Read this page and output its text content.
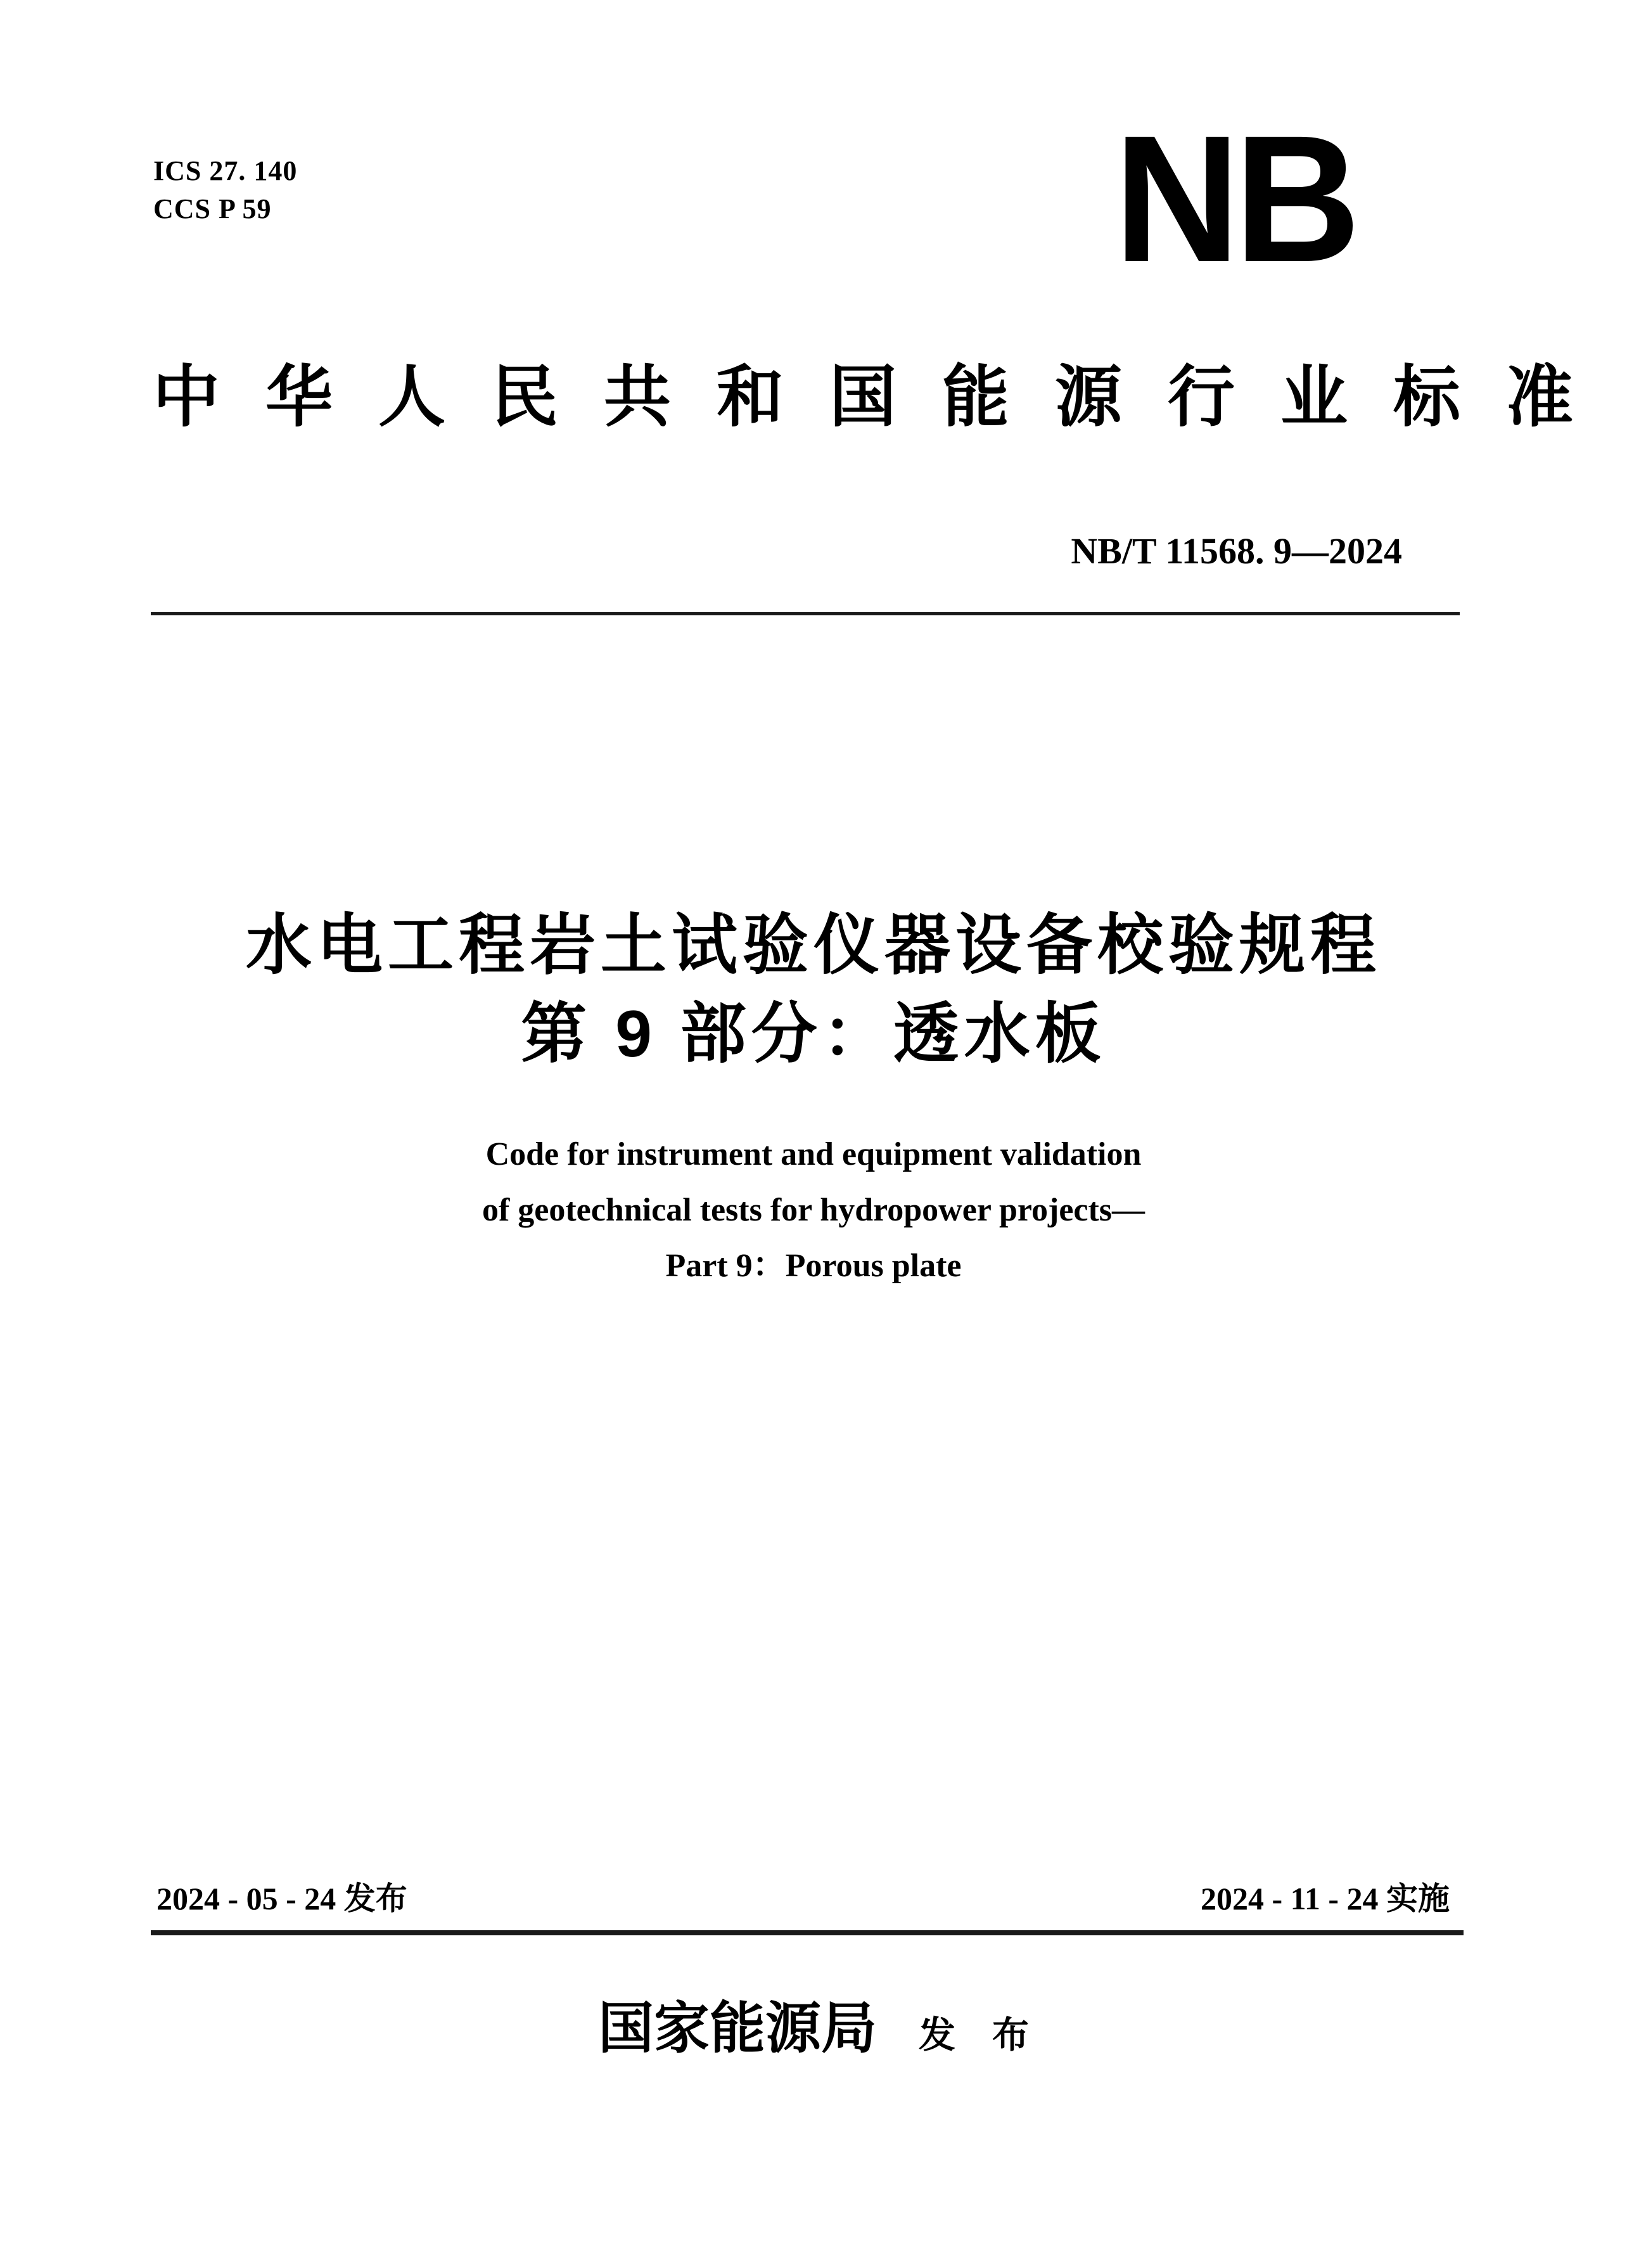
ICS 27. 140
CCS P 59	NB
中华人民共和国能源行业标准
NB/T 11568. 9—2024
水电工程岩土试验仪器设备校验规程
第 9 部分：透水板
Code for instrument and equipment validation
of geotechnical tests for hydropower projects—
Part 9：Porous plate
2024 - 05 - 24 发布	2024 - 11 - 24 实施
国家能源局 发　布
